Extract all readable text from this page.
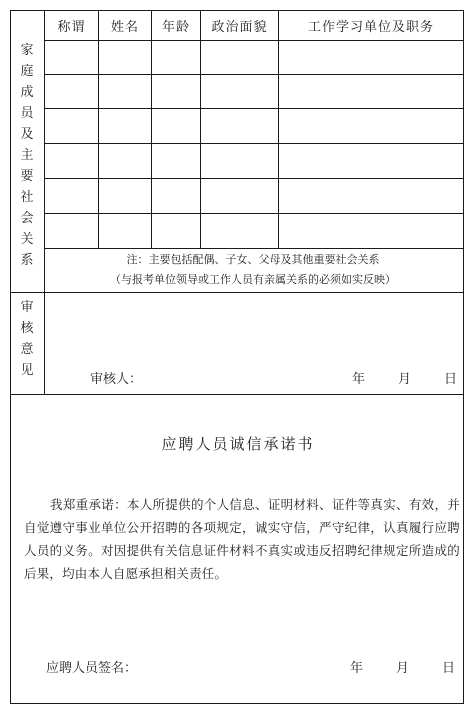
称谓	姓名	年龄	政治面貌	工作学习单位及职务
家
庭
成
员
及
主
要
社
会
关
系	注：主要包括配偶、子女、父母及其他重要社会关系
（与报考单位领导或工作人员有亲属关系的必须如实反映）
审
核
意
见
审核人：	年	月	日
应聘人员诚信承诺书
我郑重承诺：本人所提供的个人信息、证明材料、证件等真实、有效，并自觉遵守事业单位公开招聘的各项规定，诚实守信，严守纪律，认真履行应聘人员的义务。对因提供有关信息证件材料不真实或违反招聘纪律规定所造成的后果，均由本人自愿承担相关责任。
应聘人员签名：	年	月	日
